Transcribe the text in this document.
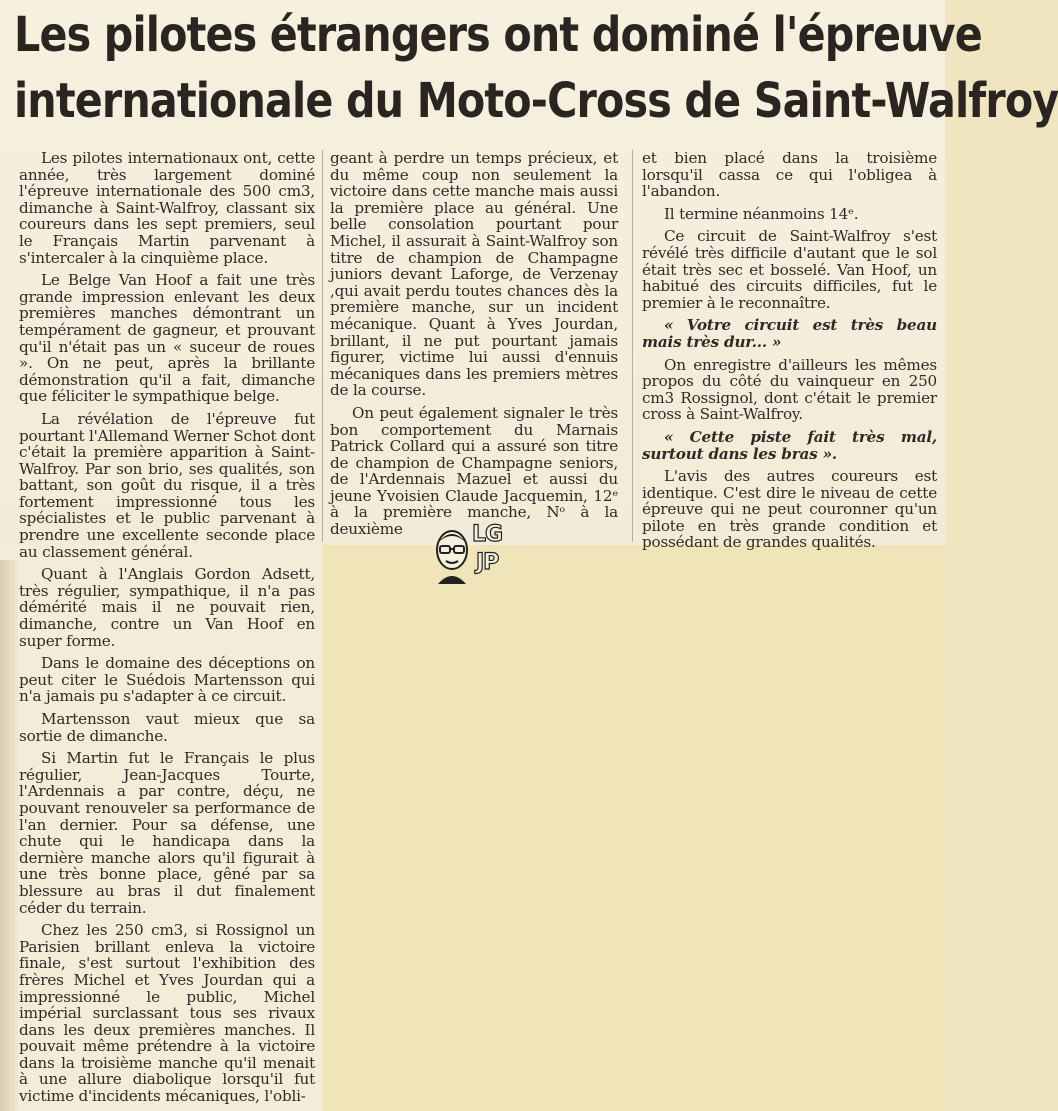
Les pilotes étrangers ont dominé l'épreuve
internationale du Moto-Cross de Saint-Walfroy

Les pilotes internationaux ont, cette année, très largement dominé l'épreuve internationale des 500 cm3, dimanche à Saint-Walfroy, classant six coureurs dans les sept premiers, seul le Français Martin parvenant à s'intercaler à la cinquième place.

Le Belge Van Hoof a fait une très grande impression enlevant les deux premières manches démontrant un tempérament de gagneur, et prouvant qu'il n'était pas un « suceur de roues ». On ne peut, après la brillante démonstration qu'il a fait, dimanche que féliciter le sympathique belge.

La révélation de l'épreuve fut pourtant l'Allemand Werner Schot dont c'était la première apparition à Saint-Walfroy. Par son brio, ses qualités, son battant, son goût du risque, il a très fortement impressionné tous les spécialistes et le public parvenant à prendre une excellente seconde place au classement général.

Quant à l'Anglais Gordon Adsett, très régulier, sympathique, il n'a pas démérité mais il ne pouvait rien, dimanche, contre un Van Hoof en super forme.

Dans le domaine des déceptions on peut citer le Suédois Martensson qui n'a jamais pu s'adapter à ce circuit.

Martensson vaut mieux que sa sortie de dimanche.

Si Martin fut le Français le plus régulier, Jean-Jacques Tourte, l'Ardennais a par contre, déçu, ne pouvant renouveler sa performance de l'an dernier. Pour sa défense, une chute qui le handicapa dans la dernière manche alors qu'il figurait à une très bonne place, gêné par sa blessure au bras il dut finalement céder du terrain.

Chez les 250 cm3, si Rossignol un Parisien brillant enleva la victoire finale, s'est surtout l'exhibition des frères Michel et Yves Jourdan qui a impressionné le public, Michel impérial surclassant tous ses rivaux dans les deux premières manches. Il pouvait même prétendre à la victoire dans la troisième manche qu'il menait à une allure diabolique lorsqu'il fut victime d'incidents mécaniques, l'obli-

geant à perdre un temps précieux, et du même coup non seulement la victoire dans cette manche mais aussi la première place au général. Une belle consolation pourtant pour Michel, il assurait à Saint-Walfroy son titre de champion de Champagne juniors devant Laforge, de Verzenay ,qui avait perdu toutes chances dès la première manche, sur un incident mécanique. Quant à Yves Jourdan, brillant, il ne put pourtant jamais figurer, victime lui aussi d'ennuis mécaniques dans les premiers mètres de la course.

On peut également signaler le très bon comportement du Marnais Patrick Collard qui a assuré son titre de champion de Champagne seniors, de l'Ardennais Mazuel et aussi du jeune Yvoisien Claude Jacquemin, 12ᵉ à la première manche, Nᵒ à la deuxième

et bien placé dans la troisième lorsqu'il cassa ce qui l'obligea à l'abandon.

Il termine néanmoins 14ᵉ.

Ce circuit de Saint-Walfroy s'est révélé très difficile d'autant que le sol était très sec et bosselé. Van Hoof, un habitué des circuits difficiles, fut le premier à le reconnaître.

« Votre circuit est très beau mais très dur... »

On enregistre d'ailleurs les mêmes propos du côté du vainqueur en 250 cm3 Rossignol, dont c'était le premier cross à Saint-Walfroy.

« Cette piste fait très mal, surtout dans les bras ».

L'avis des autres coureurs est identique. C'est dire le niveau de cette épreuve qui ne peut couronner qu'un pilote en très grande condition et possédant de grandes qualités.

LG
JP
